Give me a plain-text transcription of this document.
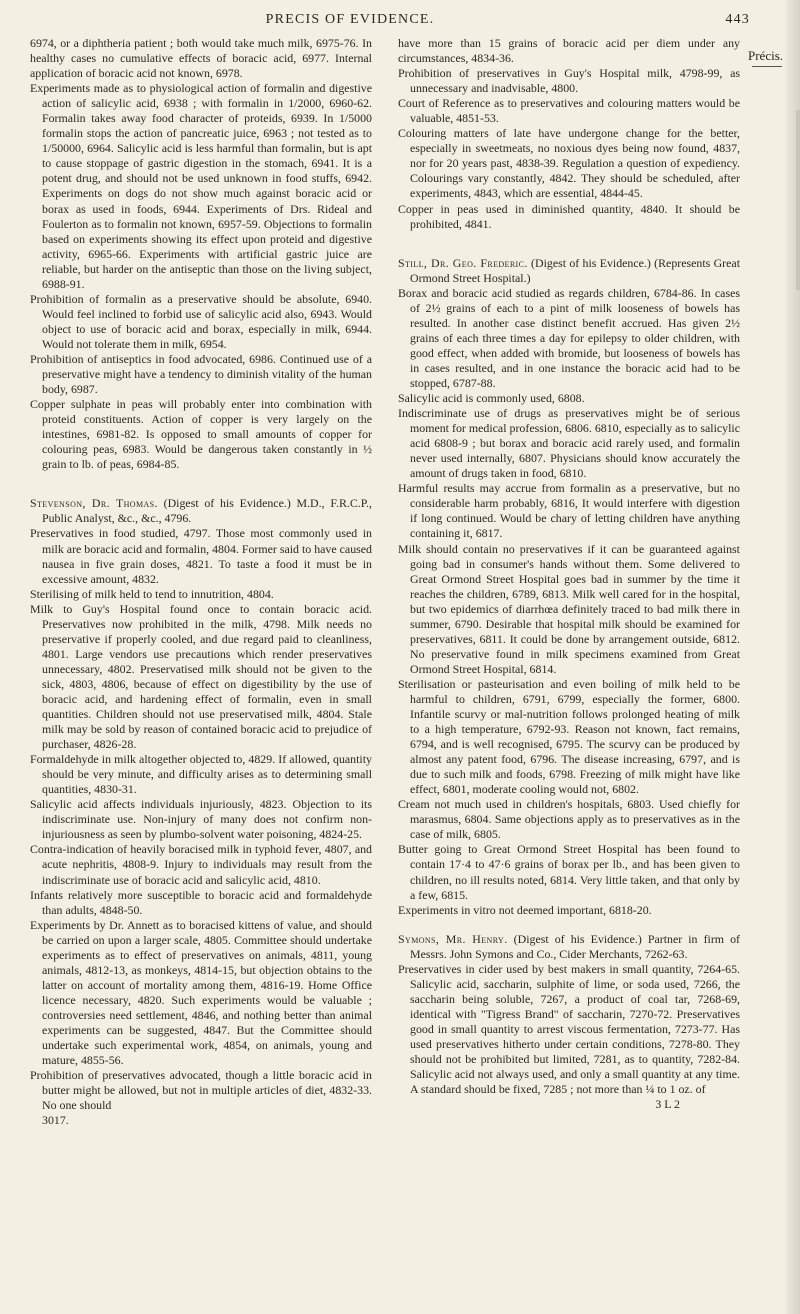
PRECIS OF EVIDENCE.	443

6974, or a diphtheria patient ; both would take much milk, 6975-76. In healthy cases no cumulative effects of boracic acid, 6977. Internal application of boracic acid not known, 6978.

Experiments made as to physiological action of formalin and digestive action of salicylic acid, 6938 ; with formalin in 1/2000, 6960-62. Formalin takes away food character of proteids, 6939. In 1/5000 formalin stops the action of pancreatic juice, 6963 ; not tested as to 1/50000, 6964. Salicylic acid is less harmful than formalin, but is apt to cause stoppage of gastric digestion in the stomach, 6941. It is a potent drug, and should not be used unknown in food stuffs, 6942. Experiments on dogs do not show much against boracic acid or borax as used in foods, 6944. Experiments of Drs. Rideal and Foulerton as to formalin not known, 6957-59. Objections to formalin based on experiments showing its effect upon proteid and digestive activity, 6965-66. Experiments with artificial gastric juice are reliable, but harder on the antiseptic than those on the living subject, 6988-91.

Prohibition of formalin as a preservative should be absolute, 6940. Would feel inclined to forbid use of salicylic acid also, 6943. Would object to use of boracic acid and borax, especially in milk, 6944. Would not tolerate them in milk, 6954.

Prohibition of antiseptics in food advocated, 6986. Continued use of a preservative might have a tendency to diminish vitality of the human body, 6987.

Copper sulphate in peas will probably enter into combination with proteid constituents. Action of copper is very largely on the intestines, 6981-82. Is opposed to small amounts of copper for colouring peas, 6983. Would be dangerous taken constantly in ½ grain to lb. of peas, 6984-85.

Stevenson, Dr. Thomas. (Digest of his Evidence.) M.D., F.R.C.P., Public Analyst, &c., &c., 4796.

Preservatives in food studied, 4797. Those most commonly used in milk are boracic acid and formalin, 4804. Former said to have caused nausea in five grain doses, 4821. To taste a food it must be in excessive amount, 4832.

Sterilising of milk held to tend to innutrition, 4804.

Milk to Guy's Hospital found once to contain boracic acid. Preservatives now prohibited in the milk, 4798. Milk needs no preservative if properly cooled, and due regard paid to cleanliness, 4801. Large vendors use precautions which render preservatives unnecessary, 4802. Preservatised milk should not be given to the sick, 4803, 4806, because of effect on digestibility by the use of boracic acid, and hardening effect of formalin, even in small quantities. Children should not use preservatised milk, 4804. Stale milk may be sold by reason of contained boracic acid to prejudice of purchaser, 4826-28.

Formaldehyde in milk altogether objected to, 4829. If allowed, quantity should be very minute, and difficulty arises as to determining small quantities, 4830-31.

Salicylic acid affects individuals injuriously, 4823. Objection to its indiscriminate use. Non-injury of many does not confirm non-injuriousness as seen by plumbo-solvent water poisoning, 4824-25.

Contra-indication of heavily boracised milk in typhoid fever, 4807, and acute nephritis, 4808-9. Injury to individuals may result from the indiscriminate use of boracic acid and salicylic acid, 4810.

Infants relatively more susceptible to boracic acid and formaldehyde than adults, 4848-50.

Experiments by Dr. Annett as to boracised kittens of value, and should be carried on upon a larger scale, 4805. Committee should undertake experiments as to effect of preservatives on animals, 4811, young animals, 4812-13, as monkeys, 4814-15, but objection obtains to the latter on account of mortality among them, 4816-19. Home Office licence necessary, 4820. Such experiments would be valuable ; controversies need settlement, 4846, and nothing better than animal experiments can be suggested, 4847. But the Committee should undertake such experimental work, 4854, on animals, young and mature, 4855-56.

Prohibition of preservatives advocated, though a little boracic acid in butter might be allowed, but not in multiple articles of diet, 4832-33. No one should

3017.

have more than 15 grains of boracic acid per diem under any circumstances, 4834-36.

Prohibition of preservatives in Guy's Hospital milk, 4798-99, as unnecessary and inadvisable, 4800.

Court of Reference as to preservatives and colouring matters would be valuable, 4851-53.

Colouring matters of late have undergone change for the better, especially in sweetmeats, no noxious dyes being now found, 4837, nor for 20 years past, 4838-39. Regulation a question of expediency. Colourings vary constantly, 4842. They should be scheduled, after experiments, 4843, which are essential, 4844-45.

Copper in peas used in diminished quantity, 4840. It should be prohibited, 4841.

Still, Dr. Geo. Frederic. (Digest of his Evidence.) (Represents Great Ormond Street Hospital.)

Borax and boracic acid studied as regards children, 6784-86. In cases of 2½ grains of each to a pint of milk looseness of bowels has resulted. In another case distinct benefit accrued. Has given 2½ grains of each three times a day for epilepsy to older children, with good effect, when added with bromide, but looseness of bowels has in cases resulted, and in one instance the boracic acid had to be stopped, 6787-88.

Salicylic acid is commonly used, 6808.

Indiscriminate use of drugs as preservatives might be of serious moment for medical profession, 6806. 6810, especially as to salicylic acid 6808-9 ; but borax and boracic acid rarely used, and formalin never used internally, 6807. Physicians should know accurately the amount of drugs taken in food, 6810.

Harmful results may accrue from formalin as a preservative, but no considerable harm probably, 6816, It would interfere with digestion if long continued. Would be chary of letting children have anything containing it, 6817.

Milk should contain no preservatives if it can be guaranteed against going bad in consumer's hands without them. Some delivered to Great Ormond Street Hospital goes bad in summer by the time it reaches the children, 6789, 6813. Milk well cared for in the hospital, but two epidemics of diarrhœa definitely traced to bad milk there in summer, 6790. Desirable that hospital milk should be examined for preservatives, 6811. It could be done by arrangement outside, 6812. No preservative found in milk specimens examined from Great Ormond Street Hospital, 6814.

Sterilisation or pasteurisation and even boiling of milk held to be harmful to children, 6791, 6799, especially the former, 6800. Infantile scurvy or mal-nutrition follows prolonged heating of milk to a high temperature, 6792-93. Reason not known, fact remains, 6794, and is well recognised, 6795. The scurvy can be produced by almost any patent food, 6796. The disease increasing, 6797, and is due to such milk and foods, 6798. Freezing of milk might have like effect, 6801, moderate cooling would not, 6802.

Cream not much used in children's hospitals, 6803. Used chiefly for marasmus, 6804. Same objections apply as to preservatives as in the case of milk, 6805.

Butter going to Great Ormond Street Hospital has been found to contain 17·4 to 47·6 grains of borax per lb., and has been given to children, no ill results noted, 6814. Very little taken, and that only by a few, 6815.

Experiments in vitro not deemed important, 6818-20.

Symons, Mr. Henry. (Digest of his Evidence.) Partner in firm of Messrs. John Symons and Co., Cider Merchants, 7262-63.

Preservatives in cider used by best makers in small quantity, 7264-65. Salicylic acid, saccharin, sulphite of lime, or soda used, 7266, the saccharin being soluble, 7267, a product of coal tar, 7268-69, identical with "Tigress Brand" of saccharin, 7270-72. Preservatives good in small quantity to arrest viscous fermentation, 7273-77. Has used preservatives hitherto under certain conditions, 7278-80. They should not be prohibited but limited, 7281, as to quantity, 7282-84. Salicylic acid not always used, and only a small quantity at any time. A standard should be fixed, 7285 ; not more than ¼ to 1 oz. of

3 L 2

Précis.
